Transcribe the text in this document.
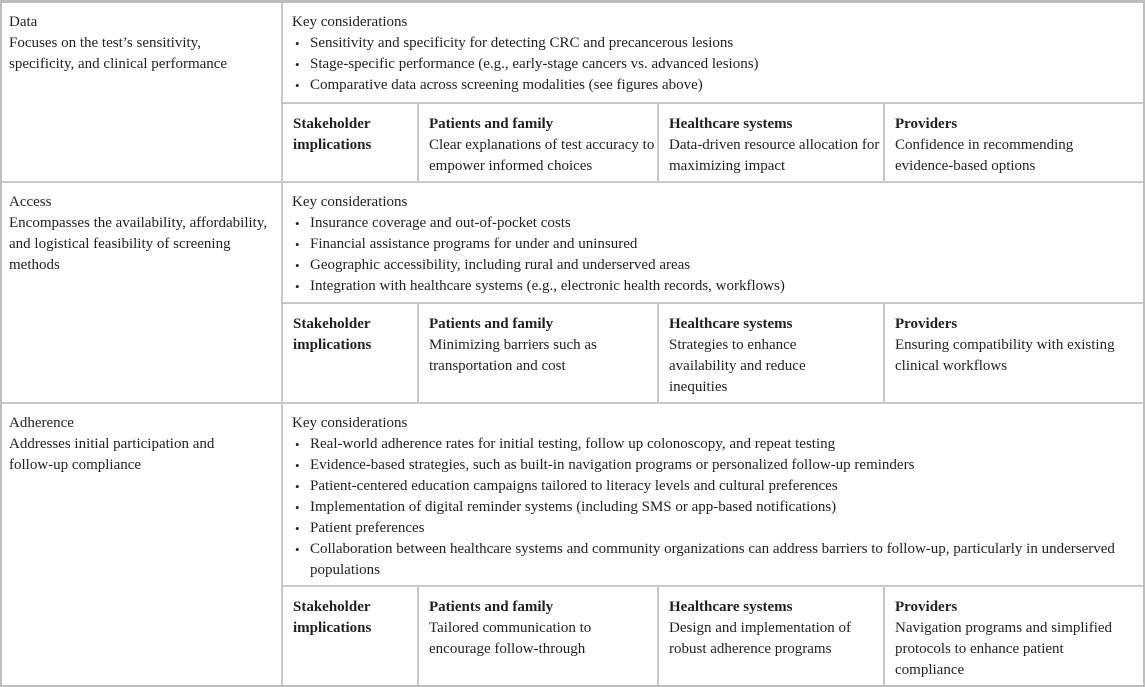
Data

Focuses on the test’s sensitivity, specificity, and clinical performance

Key considerations
• Sensitivity and specificity for detecting CRC and precancerous lesions
• Stage-specific performance (e.g., early-stage cancers vs. advanced lesions)
• Comparative data across screening modalities (see figures above)
Stakeholder implications
Patients and family
Clear explanations of test accuracy to empower informed choices
Healthcare systems
Data-driven resource allocation for maximizing impact
Providers
Confidence in recommending evidence-based options

Access

Encompasses the availability, affordability, and logistical feasibility of screening methods

Key considerations
• Insurance coverage and out-of-pocket costs
• Financial assistance programs for under and uninsured
• Geographic accessibility, including rural and underserved areas
• Integration with healthcare systems (e.g., electronic health records, workflows)
Stakeholder implications
Patients and family
Minimizing barriers such as transportation and cost
Healthcare systems
Strategies to enhance availability and reduce inequities
Providers
Ensuring compatibility with existing clinical workflows

Adherence

Addresses initial participation and follow-up compliance

Key considerations
• Real-world adherence rates for initial testing, follow up colonoscopy, and repeat testing
• Evidence-based strategies, such as built-in navigation programs or personalized follow-up reminders
• Patient-centered education campaigns tailored to literacy levels and cultural preferences
• Implementation of digital reminder systems (including SMS or app-based notifications)
• Patient preferences
• Collaboration between healthcare systems and community organizations can address barriers to follow-up, particularly in underserved populations
Stakeholder implications
Patients and family
Tailored communication to encourage follow-through
Healthcare systems
Design and implementation of robust adherence programs
Providers
Navigation programs and simplified protocols to enhance patient compliance
